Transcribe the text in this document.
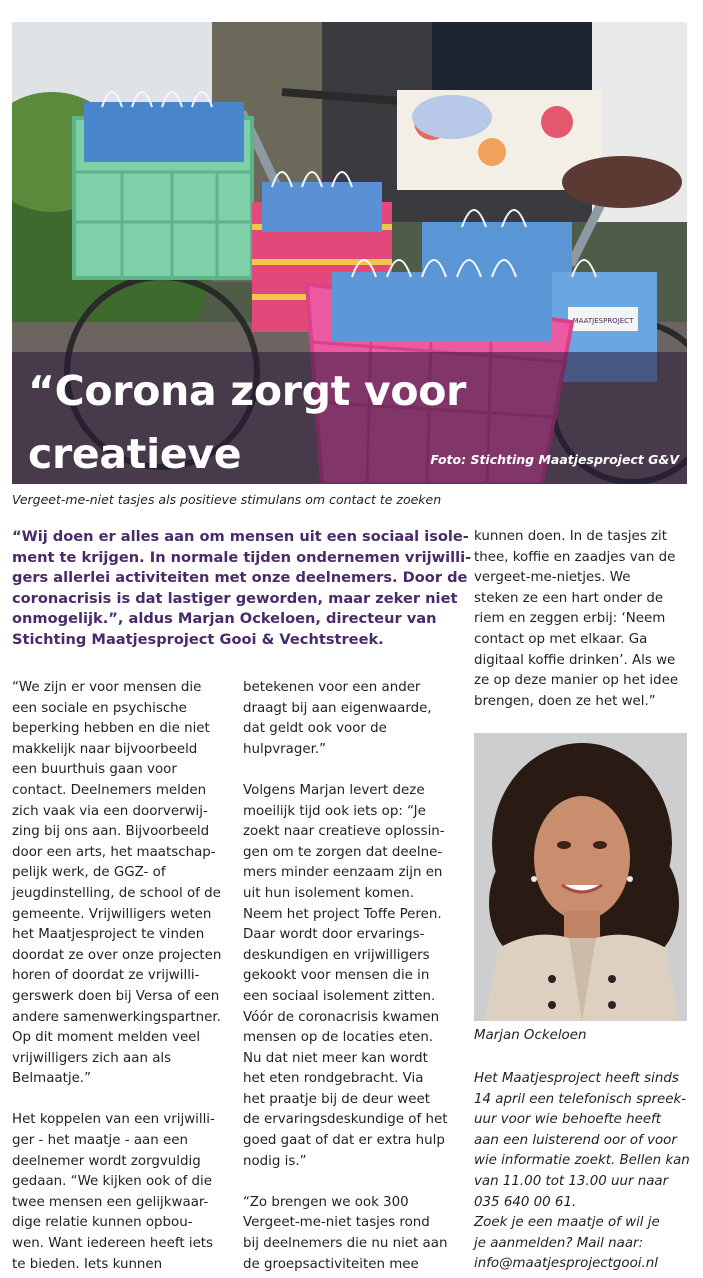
MAATJESPROJECT
“Corona zorgt voor creatieve	Foto: Stichting Maatjesproject G&V
Vergeet-me-niet tasjes als positieve stimulans om contact te zoeken
“Wij doen er alles aan om mensen uit een sociaal isole-
ment te krijgen. In normale tijden ondernemen vrijwilli-
gers allerlei activiteiten met onze deelnemers. Door de
coronacrisis is dat lastiger geworden, maar zeker niet
onmogelijk.”, aldus Marjan Ockeloen, directeur van
Stichting Maatjesproject Gooi & Vechtstreek.
“We zijn er voor mensen die
een sociale en psychische
beperking hebben en die niet
makkelijk naar bijvoorbeeld
een buurthuis gaan voor
contact. Deelnemers melden
zich vaak via een doorverwij-
zing bij ons aan. Bijvoorbeeld
door een arts, het maatschap-
pelijk werk, de GGZ- of
jeugdinstelling, de school of de
gemeente. Vrijwilligers weten
het Maatjesproject te vinden
doordat ze over onze projecten
horen of doordat ze vrijwilli-
gerswerk doen bij Versa of een
andere samenwerkingspartner.
Op dit moment melden veel
vrijwilligers zich aan als
Belmaatje.”
Het koppelen van een vrijwilli-
ger - het maatje - aan een
deelnemer wordt zorgvuldig
gedaan. “We kijken ook of die
twee mensen een gelijkwaar-
dige relatie kunnen opbou-
wen. Want iedereen heeft iets
te bieden. Iets kunnen
betekenen voor een ander
draagt bij aan eigenwaarde,
dat geldt ook voor de
hulpvrager.”
Volgens Marjan levert deze
moeilijk tijd ook iets op: “Je
zoekt naar creatieve oplossin-
gen om te zorgen dat deelne-
mers minder eenzaam zijn en
uit hun isolement komen.
Neem het project Toffe Peren.
Daar wordt door ervarings-
deskundigen en vrijwilligers
gekookt voor mensen die in
een sociaal isolement zitten.
Vóór de coronacrisis kwamen
mensen op de locaties eten.
Nu dat niet meer kan wordt
het eten rondgebracht. Via
het praatje bij de deur weet
de ervaringsdeskundige of het
goed gaat of dat er extra hulp
nodig is.”
“Zo brengen we ook 300
Vergeet-me-niet tasjes rond
bij deelnemers die nu niet aan
de groepsactiviteiten mee
kunnen doen. In de tasjes zit
thee, koffie en zaadjes van de
vergeet-me-nietjes. We
steken ze een hart onder de
riem en zeggen erbij: ‘Neem
contact op met elkaar. Ga
digitaal koffie drinken’. Als we
ze op deze manier op het idee
brengen, doen ze het wel.”
Marjan Ockeloen
Het Maatjesproject heeft sinds
14 april een telefonisch spreek-
uur voor wie behoefte heeft
aan een luisterend oor of voor
wie informatie zoekt. Bellen kan
van 11.00 tot 13.00 uur naar
035 640 00 61.
Zoek je een maatje of wil je
je aanmelden? Mail naar:
info@maatjesprojectgooi.nl
